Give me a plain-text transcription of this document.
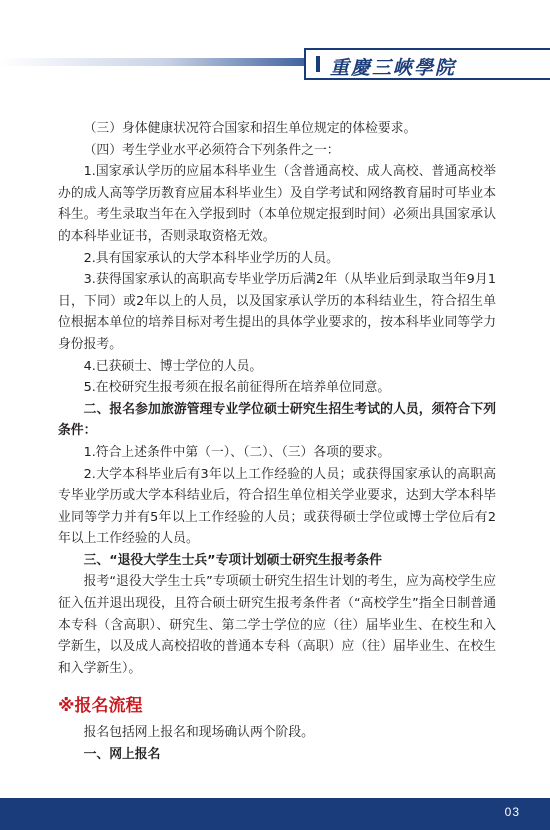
重慶三峽學院

（三）身体健康状况符合国家和招生单位规定的体检要求。

（四）考生学业水平必须符合下列条件之一：

1.国家承认学历的应届本科毕业生（含普通高校、成人高校、普通高校举办的成人高等学历教育应届本科毕业生）及自学考试和网络教育届时可毕业本科生。考生录取当年在入学报到时（本单位规定报到时间）必须出具国家承认的本科毕业证书，否则录取资格无效。

2.具有国家承认的大学本科毕业学历的人员。

3.获得国家承认的高职高专毕业学历后满2年（从毕业后到录取当年9月1日，下同）或2年以上的人员，以及国家承认学历的本科结业生，符合招生单位根据本单位的培养目标对考生提出的具体学业要求的，按本科毕业同等学力身份报考。

4.已获硕士、博士学位的人员。

5.在校研究生报考须在报名前征得所在培养单位同意。

二、报名参加旅游管理专业学位硕士研究生招生考试的人员，须符合下列条件：

1.符合上述条件中第（一）、（二）、（三）各项的要求。

2.大学本科毕业后有3年以上工作经验的人员；或获得国家承认的高职高专毕业学历或大学本科结业后，符合招生单位相关学业要求，达到大学本科毕业同等学力并有5年以上工作经验的人员；或获得硕士学位或博士学位后有2年以上工作经验的人员。

三、“退役大学生士兵”专项计划硕士研究生报考条件

报考“退役大学生士兵”专项硕士研究生招生计划的考生，应为高校学生应征入伍并退出现役，且符合硕士研究生报考条件者（“高校学生”指全日制普通本专科（含高职）、研究生、第二学士学位的应（往）届毕业生、在校生和入学新生，以及成人高校招收的普通本专科（高职）应（往）届毕业生、在校生和入学新生）。

※报名流程

报名包括网上报名和现场确认两个阶段。

一、网上报名

03
